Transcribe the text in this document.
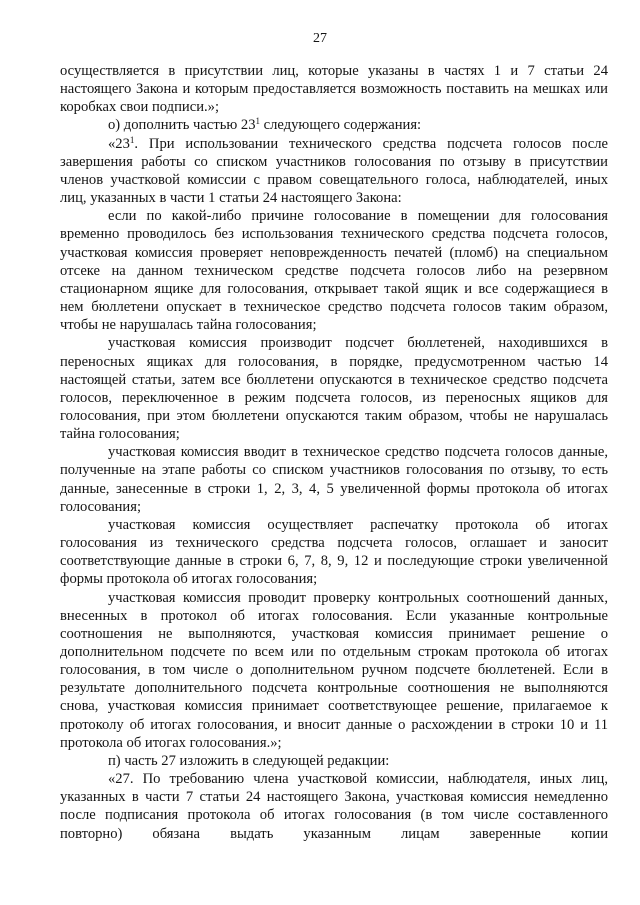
27

осуществляется в присутствии лиц, которые указаны в частях 1 и 7 статьи 24 настоящего Закона и которым предоставляется возможность поставить на мешках или коробках свои подписи.»;

о) дополнить частью $23^1$ следующего содержания:

«$23^1$. При использовании технического средства подсчета голосов после завершения работы со списком участников голосования по отзыву в присутствии членов участковой комиссии с правом совещательного голоса, наблюдателей, иных лиц, указанных в части 1 статьи 24 настоящего Закона:

если по какой-либо причине голосование в помещении для голосования временно проводилось без использования технического средства подсчета голосов, участковая комиссия проверяет неповрежденность печатей (пломб) на специальном отсеке на данном техническом средстве подсчета голосов либо на резервном стационарном ящике для голосования, открывает такой ящик и все содержащиеся в нем бюллетени опускает в техническое средство подсчета голосов таким образом, чтобы не нарушалась тайна голосования;

участковая комиссия производит подсчет бюллетеней, находившихся в переносных ящиках для голосования, в порядке, предусмотренном частью 14 настоящей статьи, затем все бюллетени опускаются в техническое средство подсчета голосов, переключенное в режим подсчета голосов, из переносных ящиков для голосования, при этом бюллетени опускаются таким образом, чтобы не нарушалась тайна голосования;

участковая комиссия вводит в техническое средство подсчета голосов данные, полученные на этапе работы со списком участников голосования по отзыву, то есть данные, занесенные в строки 1, 2, 3, 4, 5 увеличенной формы протокола об итогах голосования;

участковая комиссия осуществляет распечатку протокола об итогах голосования из технического средства подсчета голосов, оглашает и заносит соответствующие данные в строки 6, 7, 8, 9, 12 и последующие строки увеличенной формы протокола об итогах голосования;

участковая комиссия проводит проверку контрольных соотношений данных, внесенных в протокол об итогах голосования. Если указанные контрольные соотношения не выполняются, участковая комиссия принимает решение о дополнительном подсчете по всем или по отдельным строкам протокола об итогах голосования, в том числе о дополнительном ручном подсчете бюллетеней. Если в результате дополнительного подсчета контрольные соотношения не выполняются снова, участковая комиссия принимает соответствующее решение, прилагаемое к протоколу об итогах голосования, и вносит данные о расхождении в строки 10 и 11 протокола об итогах голосования.»;

п) часть 27 изложить в следующей редакции:

«27. По требованию члена участковой комиссии, наблюдателя, иных лиц, указанных в части 7 статьи 24 настоящего Закона, участковая комиссия немедленно после подписания протокола об итогах голосования (в том числе составленного повторно) обязана выдать указанным лицам заверенные копии
